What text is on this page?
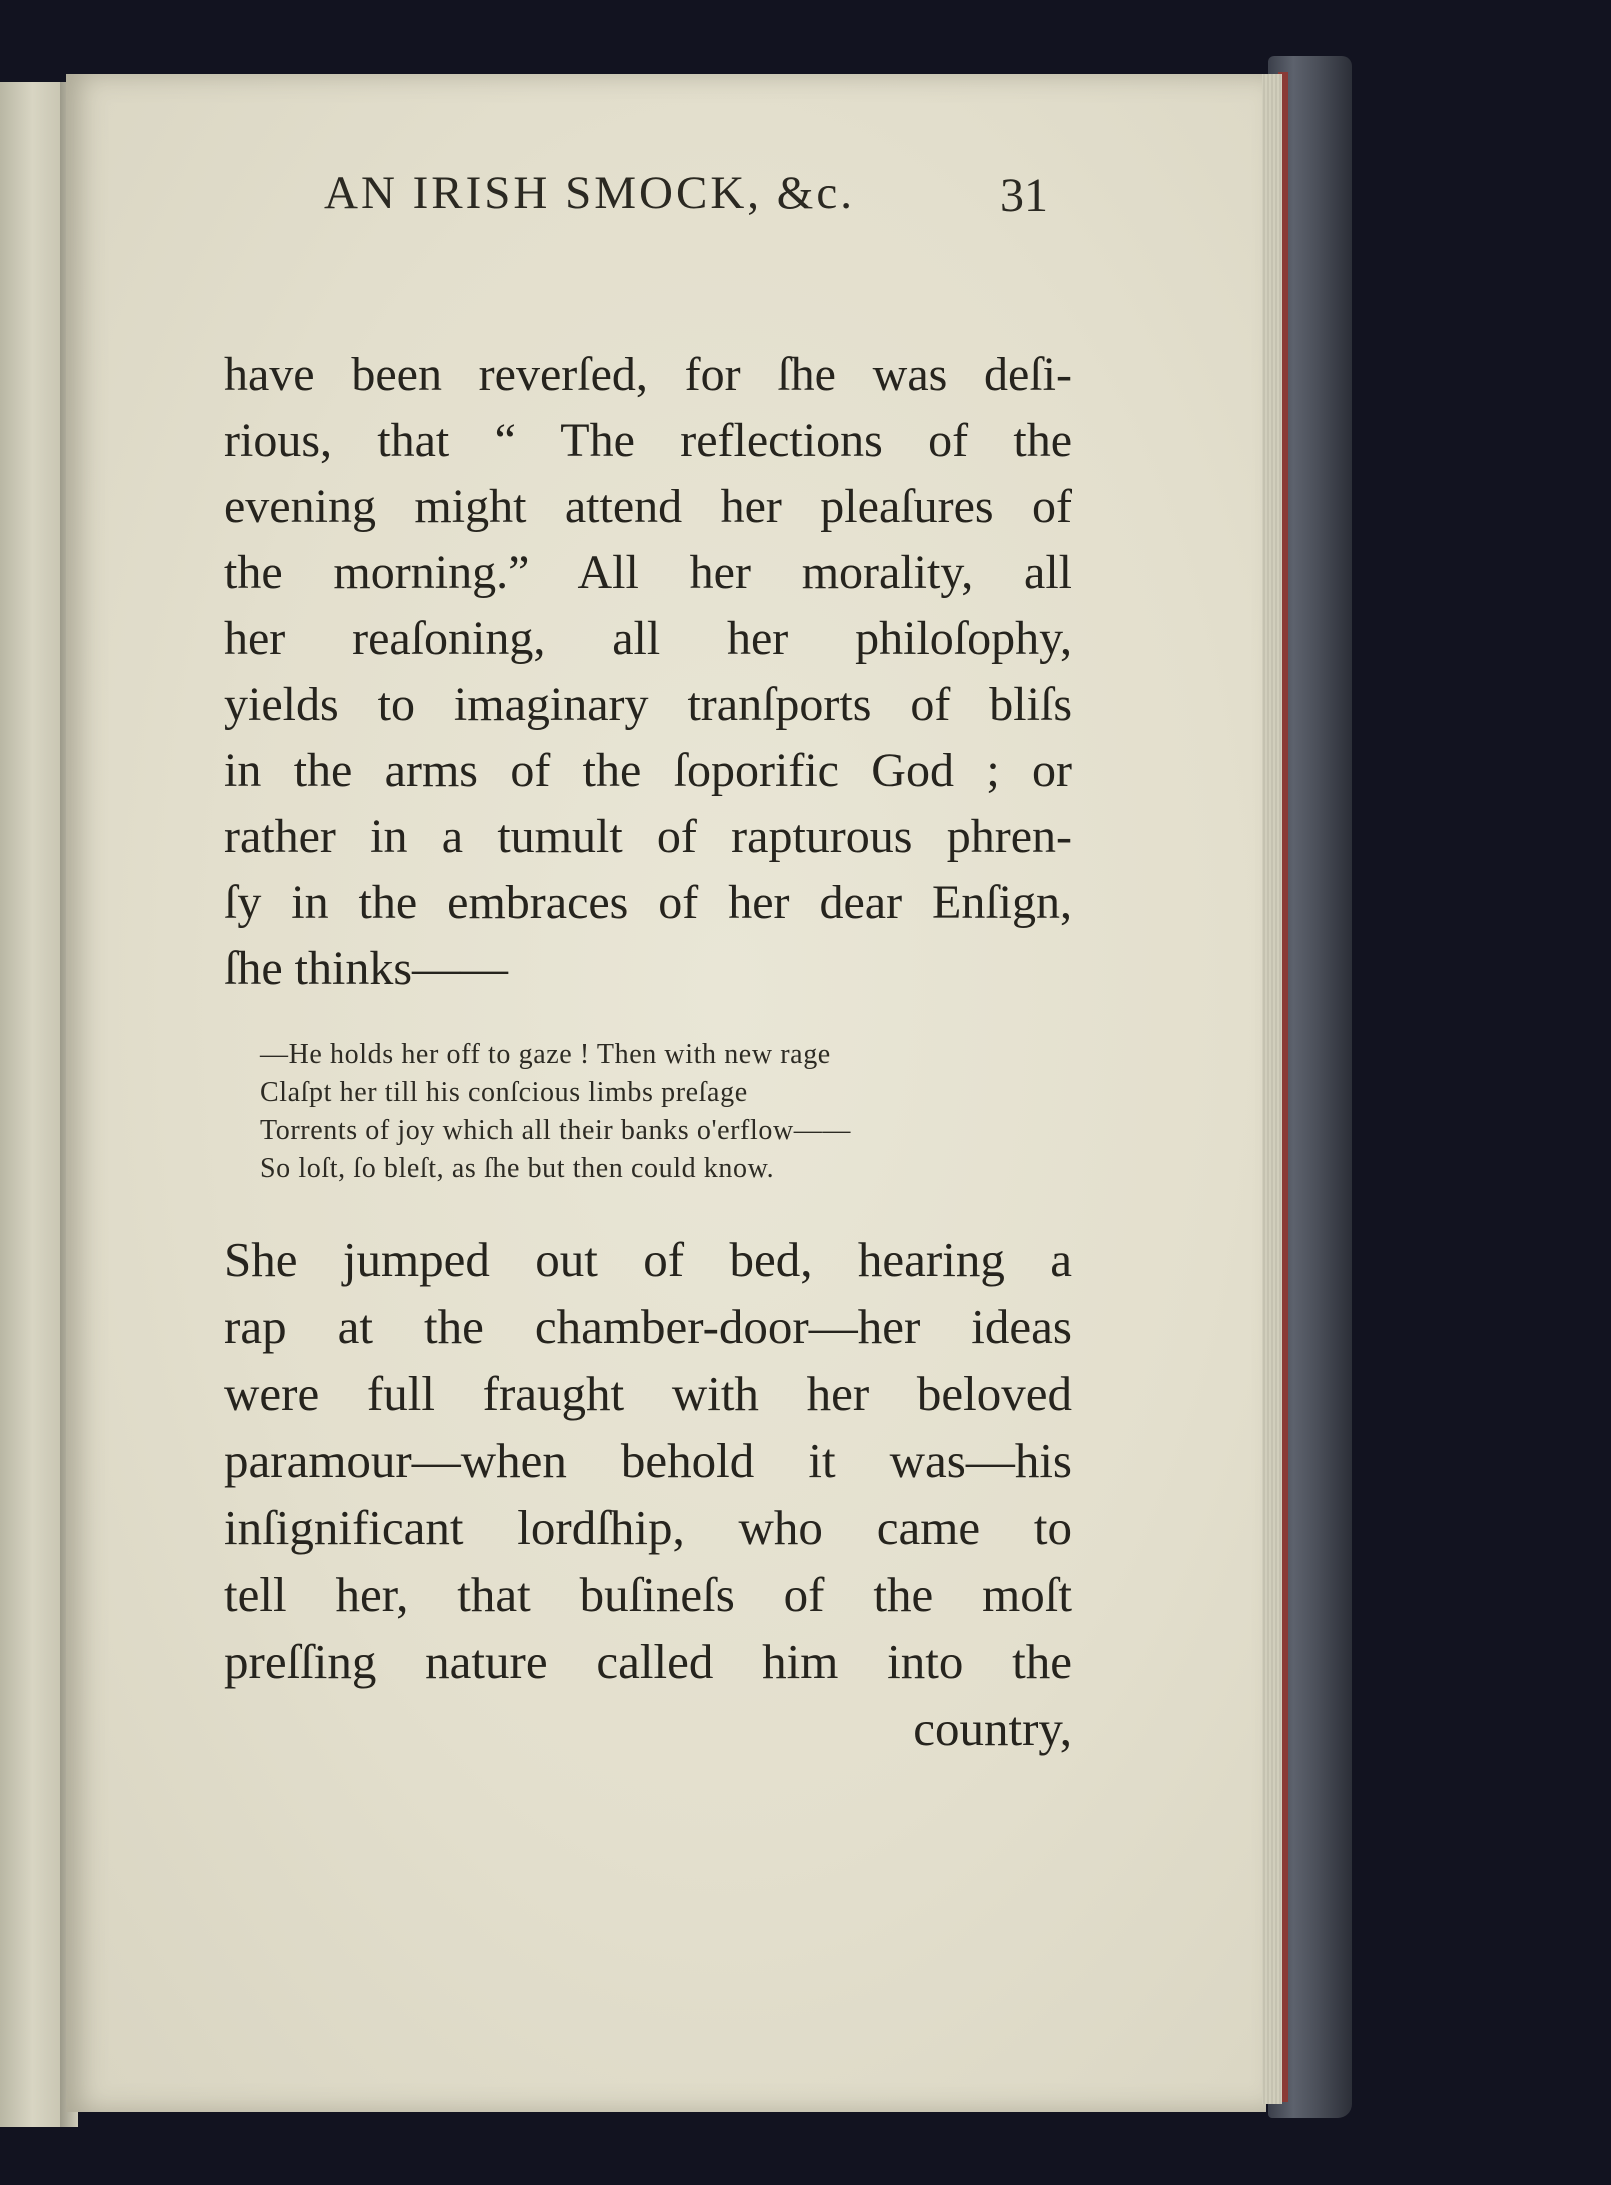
AN IRISH SMOCK, &c.	31
have been reverſed, for ſhe was deſi-
rious, that “ The reflections of the
evening might attend her pleaſures of
the morning.” All her morality, all
her reaſoning, all her philoſophy,
yields to imaginary tranſports of bliſs
in the arms of the ſoporific God ; or
rather in a tumult of rapturous phren-
ſy in the embraces of her dear Enſign,
ſhe thinks——
—He holds her off to gaze ! Then with new rage
Claſpt her till his conſcious limbs preſage
Torrents of joy which all their banks o'erflow——
So loſt, ſo bleſt, as ſhe but then could know.
She jumped out of bed, hearing a
rap at the chamber-door—her ideas
were full fraught with her beloved
paramour—when behold it was—his
inſignificant lordſhip, who came to
tell her, that buſineſs of the moſt
preſſing nature called him into the
country,
